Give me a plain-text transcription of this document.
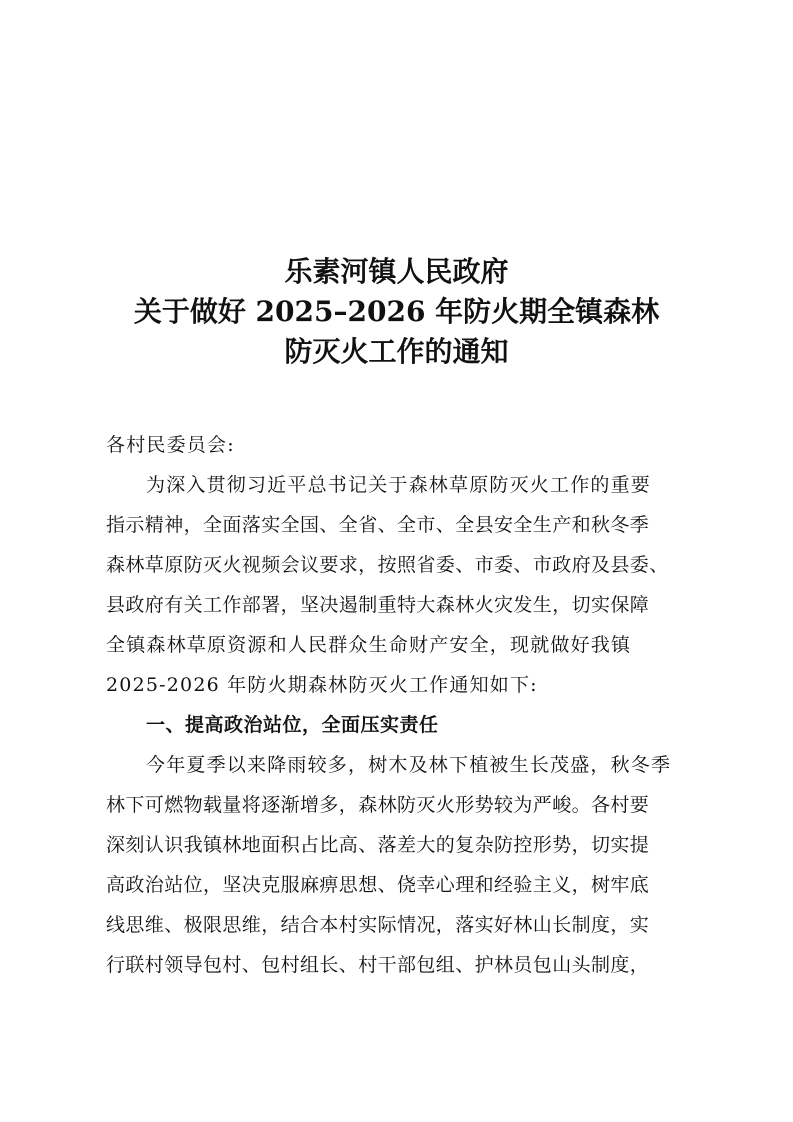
乐素河镇人民政府
关于做好 2025–2026 年防火期全镇森林
防灭火工作的通知
各村民委员会:
为深入贯彻习近平总书记关于森林草原防灭火工作的重要
指示精神，全面落实全国、全省、全市、全县安全生产和秋冬季
森林草原防灭火视频会议要求，按照省委、市委、市政府及县委、
县政府有关工作部署，坚决遏制重特大森林火灾发生，切实保障
全镇森林草原资源和人民群众生命财产安全，现就做好我镇
2025-2026 年防火期森林防灭火工作通知如下:
一、提高政治站位，全面压实责任
今年夏季以来降雨较多，树木及林下植被生长茂盛，秋冬季
林下可燃物载量将逐渐增多，森林防灭火形势较为严峻。各村要
深刻认识我镇林地面积占比高、落差大的复杂防控形势，切实提
高政治站位，坚决克服麻痹思想、侥幸心理和经验主义，树牢底
线思维、极限思维，结合本村实际情况，落实好林山长制度，实
行联村领导包村、包村组长、村干部包组、护林员包山头制度，
